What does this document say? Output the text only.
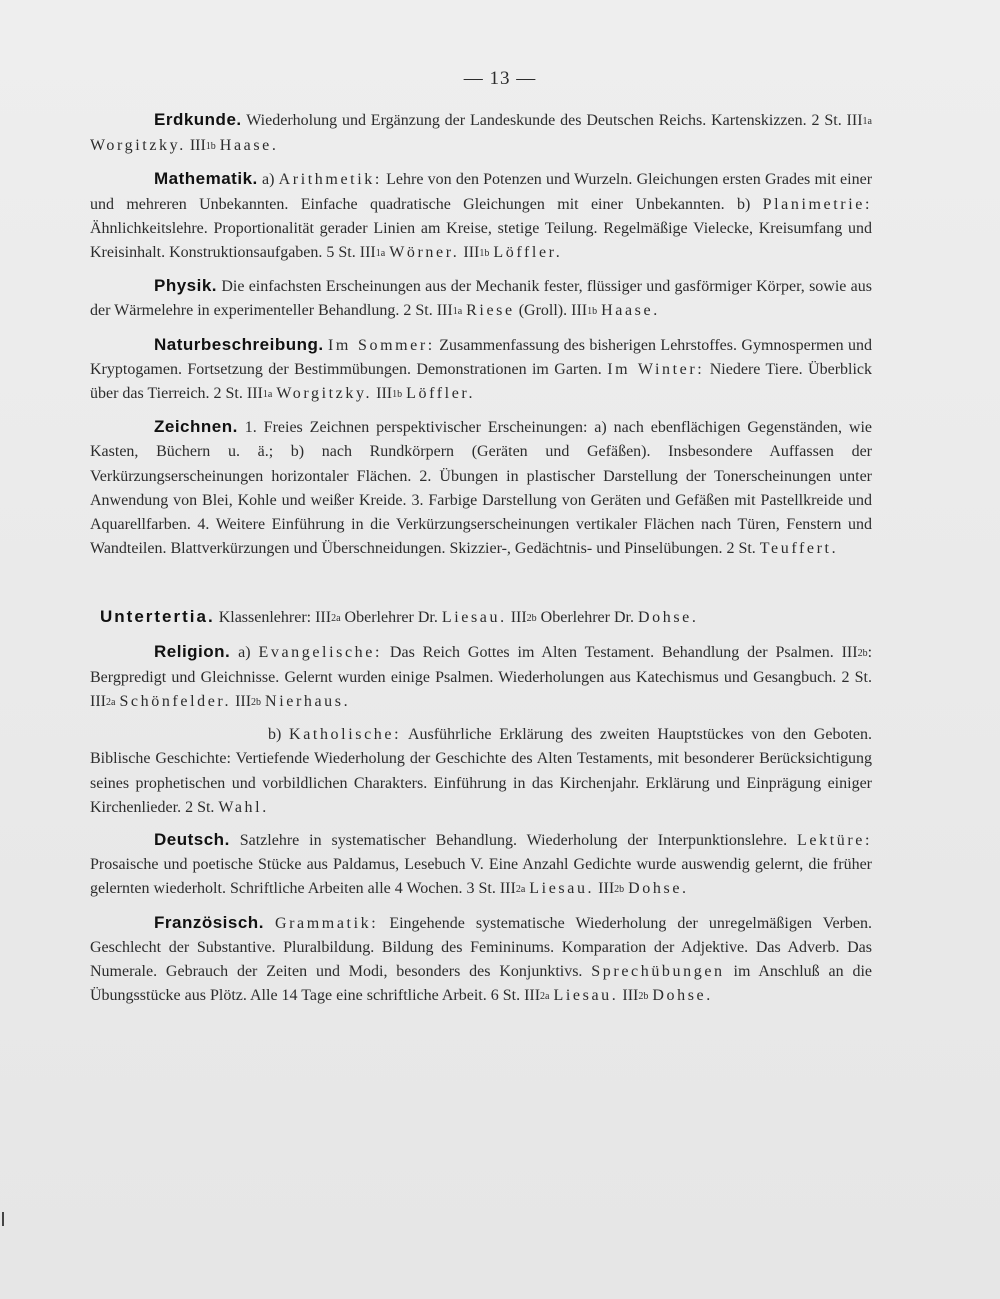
— 13 —

Erdkunde. Wiederholung und Ergänzung der Landeskunde des Deutschen Reichs. Kartenskizzen. 2 St. III1a Worgitzky. III1b Haase.

Mathematik. a) Arithmetik: Lehre von den Potenzen und Wurzeln. Gleichungen ersten Grades mit einer und mehreren Unbekannten. Einfache quadratische Gleichungen mit einer Unbekannten. b) Planimetrie: Ähnlichkeitslehre. Proportionalität gerader Linien am Kreise, stetige Teilung. Regelmäßige Vielecke, Kreisumfang und Kreisinhalt. Konstruktionsaufgaben. 5 St. III1a Wörner. III1b Löffler.

Physik. Die einfachsten Erscheinungen aus der Mechanik fester, flüssiger und gasförmiger Körper, sowie aus der Wärmelehre in experimenteller Behandlung. 2 St. III1a Riese (Groll). III1b Haase.

Naturbeschreibung. Im Sommer: Zusammenfassung des bisherigen Lehrstoffes. Gymnospermen und Kryptogamen. Fortsetzung der Bestimmübungen. Demonstrationen im Garten. Im Winter: Niedere Tiere. Überblick über das Tierreich. 2 St. III1a Worgitzky. III1b Löffler.

Zeichnen. 1. Freies Zeichnen perspektivischer Erscheinungen: a) nach ebenflächigen Gegenständen, wie Kasten, Büchern u. ä.; b) nach Rundkörpern (Geräten und Gefäßen). Insbesondere Auffassen der Verkürzungserscheinungen horizontaler Flächen. 2. Übungen in plastischer Darstellung der Tonerscheinungen unter Anwendung von Blei, Kohle und weißer Kreide. 3. Farbige Darstellung von Geräten und Gefäßen mit Pastellkreide und Aquarellfarben. 4. Weitere Einführung in die Verkürzungserscheinungen vertikaler Flächen nach Türen, Fenstern und Wandteilen. Blattverkürzungen und Überschneidungen. Skizzier-, Gedächtnis- und Pinselübungen. 2 St. Teuffert.

Untertertia. Klassenlehrer: III2a Oberlehrer Dr. Liesau. III2b Oberlehrer Dr. Dohse.

Religion. a) Evangelische: Das Reich Gottes im Alten Testament. Behandlung der Psalmen. III2b: Bergpredigt und Gleichnisse. Gelernt wurden einige Psalmen. Wiederholungen aus Katechismus und Gesangbuch. 2 St. III2a Schönfelder. III2b Nierhaus.

b) Katholische: Ausführliche Erklärung des zweiten Hauptstückes von den Geboten. Biblische Geschichte: Vertiefende Wiederholung der Geschichte des Alten Testaments, mit besonderer Berücksichtigung seines prophetischen und vorbildlichen Charakters. Einführung in das Kirchenjahr. Erklärung und Einprägung einiger Kirchenlieder. 2 St. Wahl.

Deutsch. Satzlehre in systematischer Behandlung. Wiederholung der Interpunktionslehre. Lektüre: Prosaische und poetische Stücke aus Paldamus, Lesebuch V. Eine Anzahl Gedichte wurde auswendig gelernt, die früher gelernten wiederholt. Schriftliche Arbeiten alle 4 Wochen. 3 St. III2a Liesau. III2b Dohse.

Französisch. Grammatik: Eingehende systematische Wiederholung der unregelmäßigen Verben. Geschlecht der Substantive. Pluralbildung. Bildung des Femininums. Komparation der Adjektive. Das Adverb. Das Numerale. Gebrauch der Zeiten und Modi, besonders des Konjunktivs. Sprechübungen im Anschluß an die Übungsstücke aus Plötz. Alle 14 Tage eine schriftliche Arbeit. 6 St. III2a Liesau. III2b Dohse.
